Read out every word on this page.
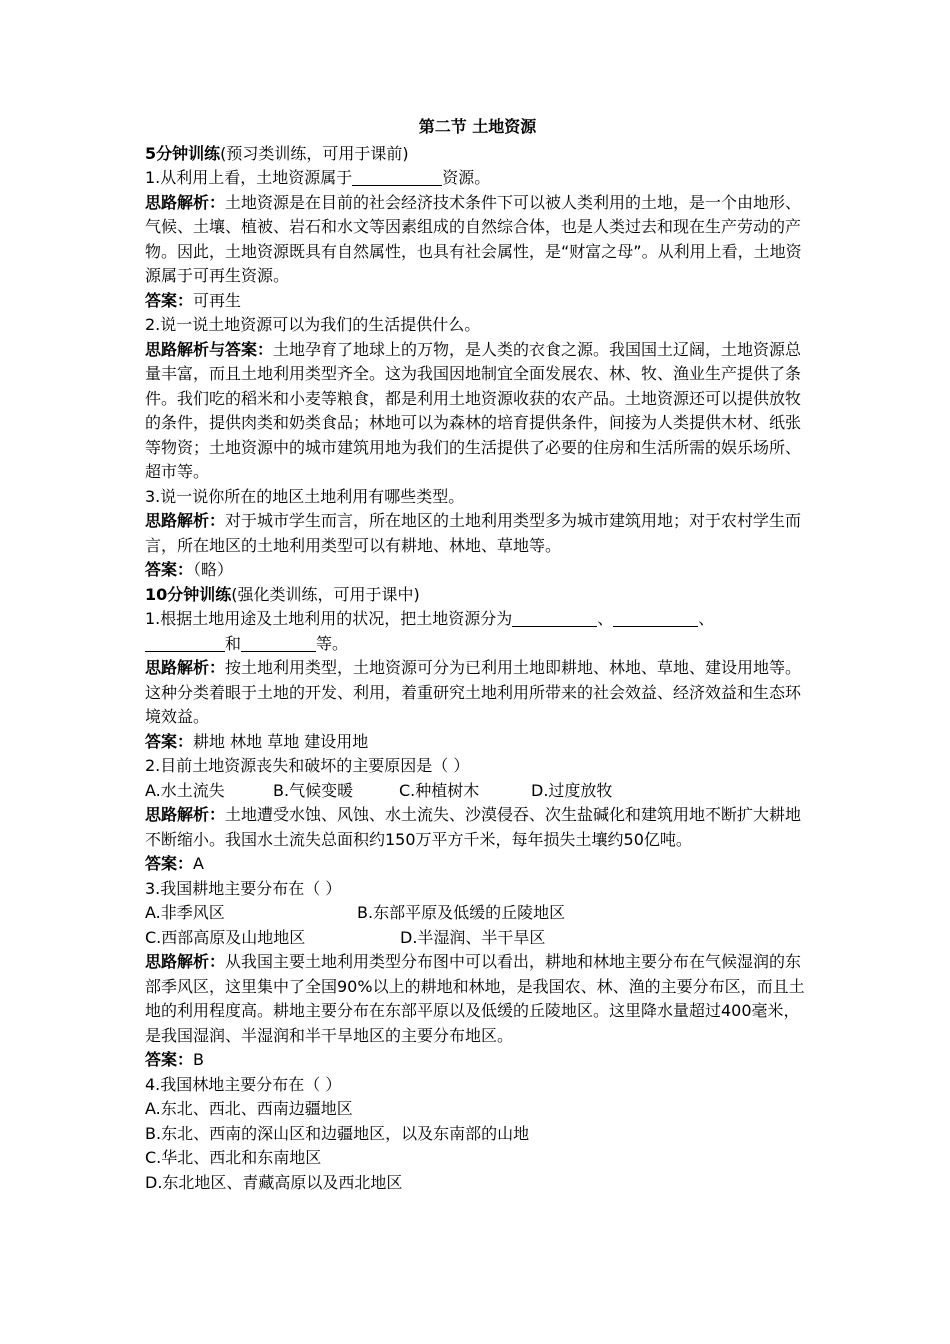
第二节 土地资源

5分钟训练(预习类训练，可用于课前)

1.从利用上看，土地资源属于	资源。

思路解析：土地资源是在目前的社会经济技术条件下可以被人类利用的土地，是一个由地形、气候、土壤、植被、岩石和水文等因素组成的自然综合体，也是人类过去和现在生产劳动的产物。因此，土地资源既具有自然属性，也具有社会属性，是“财富之母”。从利用上看，土地资源属于可再生资源。

答案：可再生

2.说一说土地资源可以为我们的生活提供什么。

思路解析与答案：土地孕育了地球上的万物，是人类的衣食之源。我国国土辽阔，土地资源总量丰富，而且土地利用类型齐全。这为我国因地制宜全面发展农、林、牧、渔业生产提供了条件。我们吃的稻米和小麦等粮食，都是利用土地资源收获的农产品。土地资源还可以提供放牧的条件，提供肉类和奶类食品；林地可以为森林的培育提供条件，间接为人类提供木材、纸张等物资；土地资源中的城市建筑用地为我们的生活提供了必要的住房和生活所需的娱乐场所、超市等。

3.说一说你所在的地区土地利用有哪些类型。

思路解析：对于城市学生而言，所在地区的土地利用类型多为城市建筑用地；对于农村学生而言，所在地区的土地利用类型可以有耕地、林地、草地等。

答案：（略）

10分钟训练(强化类训练，可用于课中)

1.根据土地用途及土地利用的状况，把土地资源分为	、	、
和	等。

思路解析：按土地利用类型，土地资源可分为已利用土地即耕地、林地、草地、建设用地等。这种分类着眼于土地的开发、利用，着重研究土地利用所带来的社会效益、经济效益和生态环境效益。

答案：耕地 林地 草地 建设用地

2.目前土地资源丧失和破坏的主要原因是（ ）

A.水土流失	B.气候变暖	C.种植树木	D.过度放牧

思路解析：土地遭受水蚀、风蚀、水土流失、沙漠侵吞、次生盐碱化和建筑用地不断扩大耕地不断缩小。我国水土流失总面积约150万平方千米，每年损失土壤约50亿吨。

答案：A

3.我国耕地主要分布在（ ）

A.非季风区	B.东部平原及低缓的丘陵地区
C.西部高原及山地地区	D.半湿润、半干旱区

思路解析：从我国主要土地利用类型分布图中可以看出，耕地和林地主要分布在气候湿润的东部季风区，这里集中了全国90%以上的耕地和林地，是我国农、林、渔的主要分布区，而且土地的利用程度高。耕地主要分布在东部平原以及低缓的丘陵地区。这里降水量超过400毫米，是我国湿润、半湿润和半干旱地区的主要分布地区。

答案：B

4.我国林地主要分布在（ ）

A.东北、西北、西南边疆地区

B.东北、西南的深山区和边疆地区，以及东南部的山地

C.华北、西北和东南地区

D.东北地区、青藏高原以及西北地区
